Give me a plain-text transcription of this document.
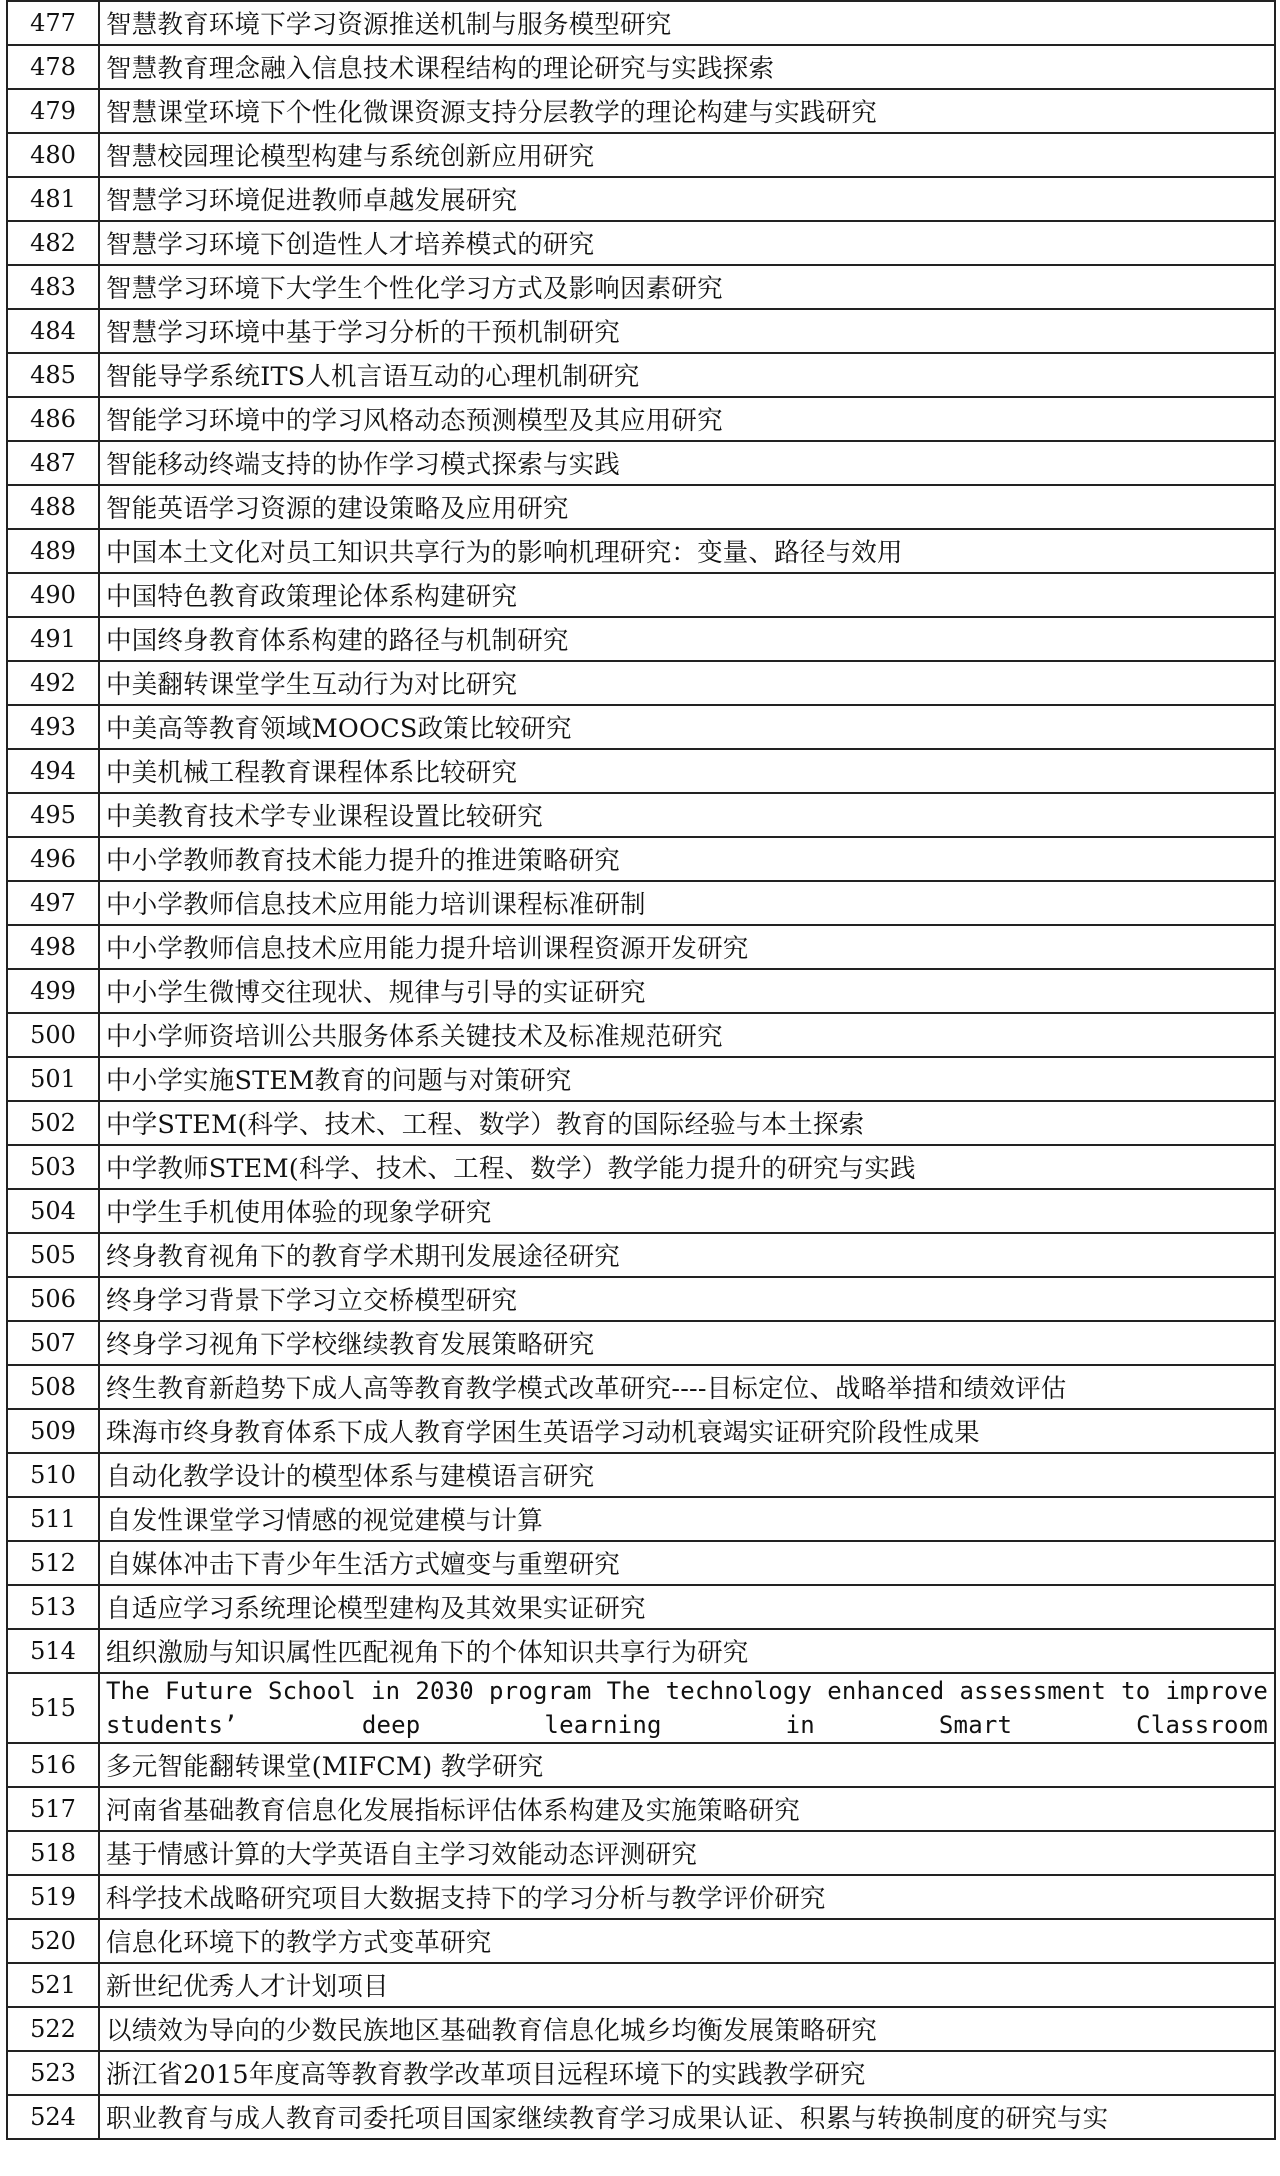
477	智慧教育环境下学习资源推送机制与服务模型研究
478	智慧教育理念融入信息技术课程结构的理论研究与实践探索
479	智慧课堂环境下个性化微课资源支持分层教学的理论构建与实践研究
480	智慧校园理论模型构建与系统创新应用研究
481	智慧学习环境促进教师卓越发展研究
482	智慧学习环境下创造性人才培养模式的研究
483	智慧学习环境下大学生个性化学习方式及影响因素研究
484	智慧学习环境中基于学习分析的干预机制研究
485	智能导学系统ITS人机言语互动的心理机制研究
486	智能学习环境中的学习风格动态预测模型及其应用研究
487	智能移动终端支持的协作学习模式探索与实践
488	智能英语学习资源的建设策略及应用研究
489	中国本土文化对员工知识共享行为的影响机理研究：变量、路径与效用
490	中国特色教育政策理论体系构建研究
491	中国终身教育体系构建的路径与机制研究
492	中美翻转课堂学生互动行为对比研究
493	中美高等教育领域MOOCS政策比较研究
494	中美机械工程教育课程体系比较研究
495	中美教育技术学专业课程设置比较研究
496	中小学教师教育技术能力提升的推进策略研究
497	中小学教师信息技术应用能力培训课程标准研制
498	中小学教师信息技术应用能力提升培训课程资源开发研究
499	中小学生微博交往现状、规律与引导的实证研究
500	中小学师资培训公共服务体系关键技术及标准规范研究
501	中小学实施STEM教育的问题与对策研究
502	中学STEM(科学、技术、工程、数学）教育的国际经验与本土探索
503	中学教师STEM(科学、技术、工程、数学）教学能力提升的研究与实践
504	中学生手机使用体验的现象学研究
505	终身教育视角下的教育学术期刊发展途径研究
506	终身学习背景下学习立交桥模型研究
507	终身学习视角下学校继续教育发展策略研究
508	终生教育新趋势下成人高等教育教学模式改革研究----目标定位、战略举措和绩效评估
509	珠海市终身教育体系下成人教育学困生英语学习动机衰竭实证研究阶段性成果
510	自动化教学设计的模型体系与建模语言研究
511	自发性课堂学习情感的视觉建模与计算
512	自媒体冲击下青少年生活方式嬗变与重塑研究
513	自适应学习系统理论模型建构及其效果实证研究
514	组织激励与知识属性匹配视角下的个体知识共享行为研究
515	The Future School in 2030 program The technology enhanced assessment to improve students’ deep learning in Smart Classroom
516	多元智能翻转课堂(MIFCM) 教学研究
517	河南省基础教育信息化发展指标评估体系构建及实施策略研究
518	基于情感计算的大学英语自主学习效能动态评测研究
519	科学技术战略研究项目大数据支持下的学习分析与教学评价研究
520	信息化环境下的教学方式变革研究
521	新世纪优秀人才计划项目
522	以绩效为导向的少数民族地区基础教育信息化城乡均衡发展策略研究
523	浙江省2015年度高等教育教学改革项目远程环境下的实践教学研究
524	职业教育与成人教育司委托项目国家继续教育学习成果认证、积累与转换制度的研究与实
